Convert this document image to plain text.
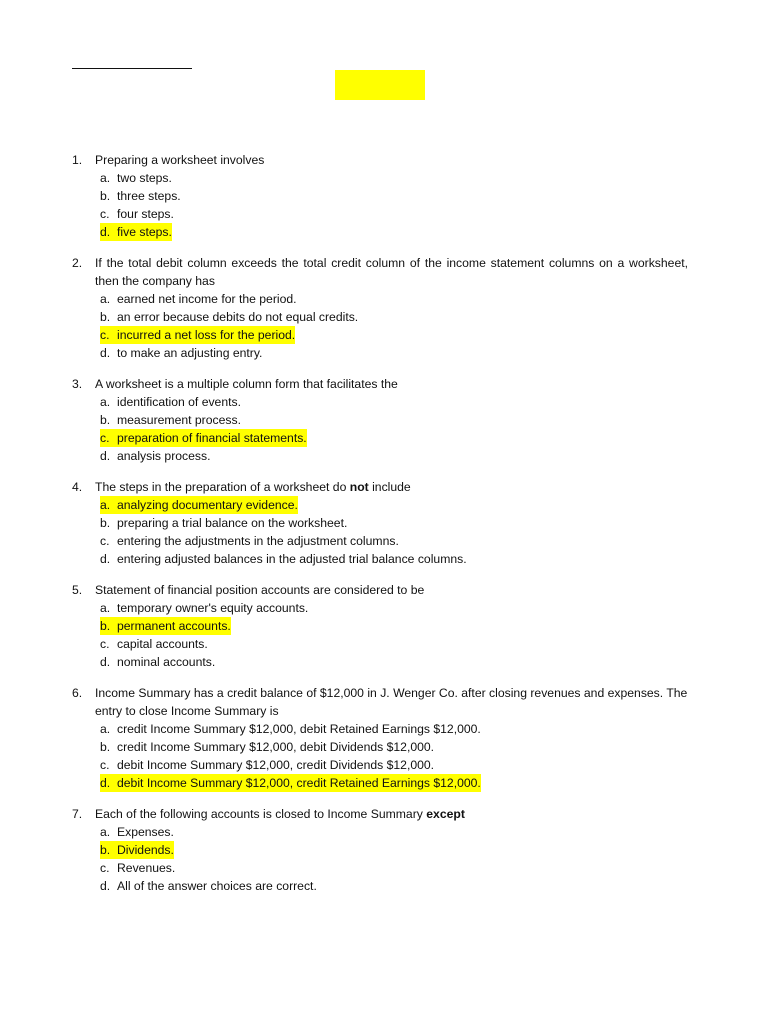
1.	Preparing a worksheet involves
a. two steps.
b. three steps.
c. four steps.
d. five steps.
2.	If the total debit column exceeds the total credit column of the income statement columns on a worksheet, then the company has
a. earned net income for the period.
b. an error because debits do not equal credits.
c. incurred a net loss for the period.
d. to make an adjusting entry.
3.	A worksheet is a multiple column form that facilitates the
a. identification of events.
b. measurement process.
c. preparation of financial statements.
d. analysis process.
4.	The steps in the preparation of a worksheet do not include
a. analyzing documentary evidence.
b. preparing a trial balance on the worksheet.
c. entering the adjustments in the adjustment columns.
d. entering adjusted balances in the adjusted trial balance columns.
5.	Statement of financial position accounts are considered to be
a. temporary owner's equity accounts.
b. permanent accounts.
c. capital accounts.
d. nominal accounts.
6.	Income Summary has a credit balance of $12,000 in J. Wenger Co. after closing revenues and expenses. The entry to close Income Summary is
a. credit Income Summary $12,000, debit Retained Earnings $12,000.
b. credit Income Summary $12,000, debit Dividends $12,000.
c. debit Income Summary $12,000, credit Dividends $12,000.
d. debit Income Summary $12,000, credit Retained Earnings $12,000.
7.	Each of the following accounts is closed to Income Summary except
a. Expenses.
b. Dividends.
c. Revenues.
d. All of the answer choices are correct.
